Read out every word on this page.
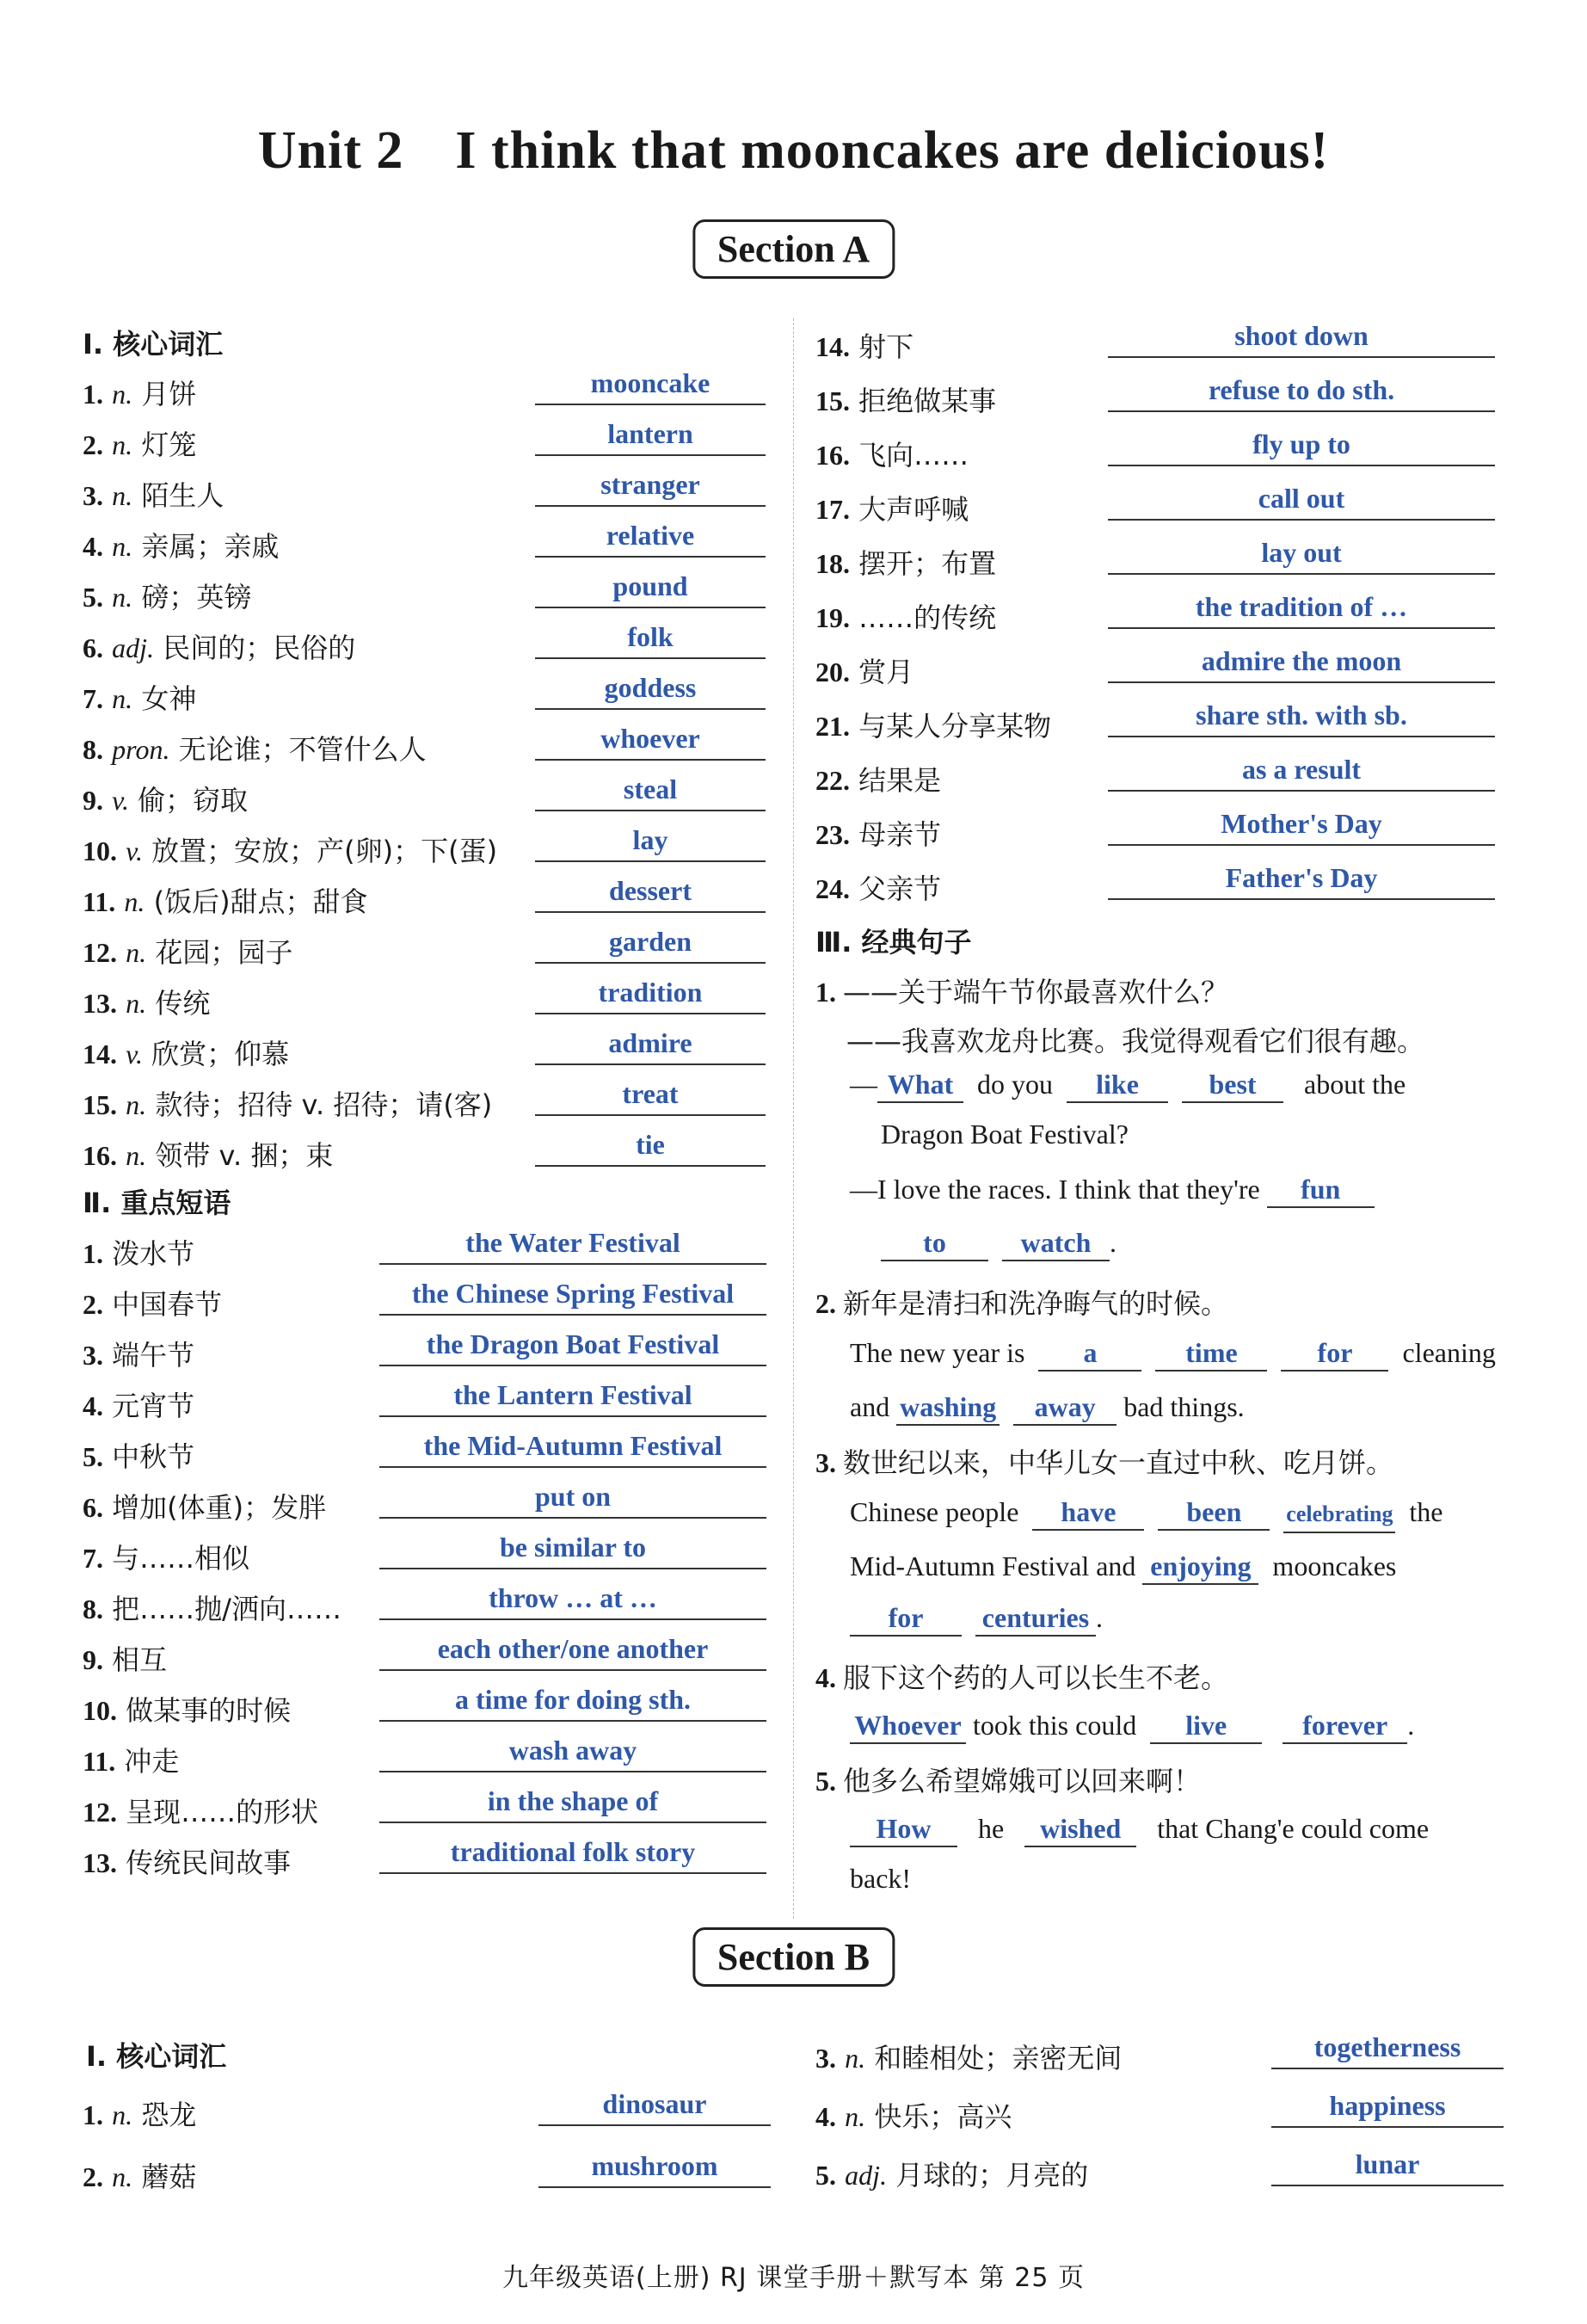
Unit 2 I think that mooncakes are delicious!
Section A
Ⅰ. 核心词汇
1. n. 月饼	mooncake
2. n. 灯笼	lantern
3. n. 陌生人	stranger
4. n. 亲属；亲戚	relative
5. n. 磅；英镑	pound
6. adj. 民间的；民俗的	folk
7. n. 女神	goddess
8. pron. 无论谁；不管什么人	whoever
9. v. 偷；窃取	steal
10. v. 放置；安放；产(卵)；下(蛋)	lay
11. n. (饭后)甜点；甜食	dessert
12. n. 花园；园子	garden
13. n. 传统	tradition
14. v. 欣赏；仰慕	admire
15. n. 款待；招待 v. 招待；请(客)	treat
16. n. 领带 v. 捆；束	tie
Ⅱ. 重点短语
1. 泼水节	the Water Festival
2. 中国春节	the Chinese Spring Festival
3. 端午节	the Dragon Boat Festival
4. 元宵节	the Lantern Festival
5. 中秋节	the Mid-Autumn Festival
6. 增加(体重)；发胖	put on
7. 与……相似	be similar to
8. 把……抛/洒向……	throw … at …
9. 相互	each other/one another
10. 做某事的时候	a time for doing sth.
11. 冲走	wash away
12. 呈现……的形状	in the shape of
13. 传统民间故事	traditional folk story
14. 射下	shoot down
15. 拒绝做某事	refuse to do sth.
16. 飞向……	fly up to
17. 大声呼喊	call out
18. 摆开；布置	lay out
19. ……的传统	the tradition of …
20. 赏月	admire the moon
21. 与某人分享某物	share sth. with sb.
22. 结果是	as a result
23. 母亲节	Mother's Day
24. 父亲节	Father's Day
Ⅲ. 经典句子
1. ——关于端午节你最喜欢什么？
——我喜欢龙舟比赛。我觉得观看它们很有趣。
— What do you like	best about the
Dragon Boat Festival?
—I love the races. I think that they're fun
to	watch .
2. 新年是清扫和洗净晦气的时候。
The new year is a	time	for cleaning
and washing away bad things.
3. 数世纪以来，中华儿女一直过中秋、吃月饼。
Chinese people have	been celebrating the
Mid-Autumn Festival and enjoying mooncakes
for centuries .
4. 服下这个药的人可以长生不老。
Whoever took this could live	forever .
5. 他多么希望嫦娥可以回来啊！
How he wished that Chang'e could come
back!
Section B
Ⅰ. 核心词汇
1. n. 恐龙	dinosaur
2. n. 蘑菇	mushroom
3. n. 和睦相处；亲密无间	togetherness
4. n. 快乐；高兴	happiness
5. adj. 月球的；月亮的	lunar
九年级英语(上册) RJ 课堂手册＋默写本 第 25 页
